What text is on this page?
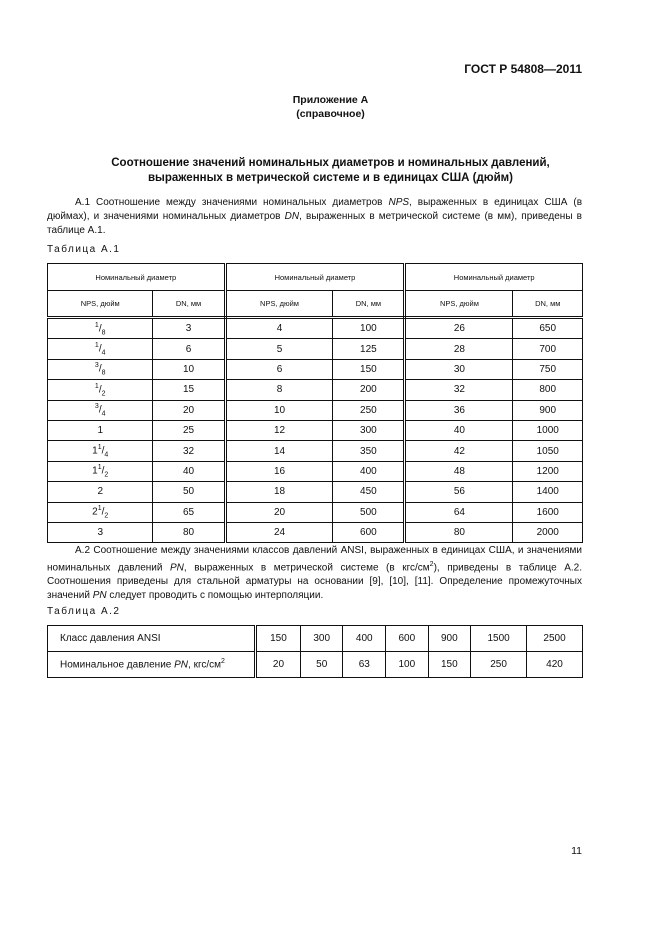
ГОСТ Р 54808—2011
Приложение А
(справочное)
Соотношение значений номинальных диаметров и номинальных давлений,
выраженных в метрической системе и в единицах США (дюйм)

А.1 Соотношение между значениями номинальных диаметров NPS, выраженных в единицах США (в дюймах), и значениями номинальных диаметров DN, выраженных в метрической системе (в мм), приведены в таблице А.1.

Таблица А.1
Номинальный диаметр		Номинальный диаметр		Номинальный диаметр	
NPS, дюйм	DN, мм	NPS, дюйм	DN, мм	NPS, дюйм	DN, мм
$^1/_8$	3	4	100	26	650
$^1/_4$	6	5	125	28	700
$^3/_8$	10	6	150	30	750
$^1/_2$	15	8	200	32	800
$^3/_4$	20	10	250	36	900
1	25	12	300	40	1000
$1^1/_4$	32	14	350	42	1050
$1^1/_2$	40	16	400	48	1200
2	50	18	450	56	1400
$2^1/_2$	65	20	500	64	1600
3	80	24	600	80	2000

А.2 Соотношение между значениями классов давлений ANSI, выраженных в единицах США, и значениями номинальных давлений PN, выраженных в метрической системе (в кгс/$см^2$), приведены в таблице А.2. Соотношения приведены для стальной арматуры на основании [9], [10], [11]. Определение промежуточных значений PN следует проводить с помощью интерполяции.

Таблица А.2
Класс давления ANSI	150	300	400	600	900	1500	2500
Номинальное давление PN, кгс/$см^2$	20	50	63	100	150	250	420
11
